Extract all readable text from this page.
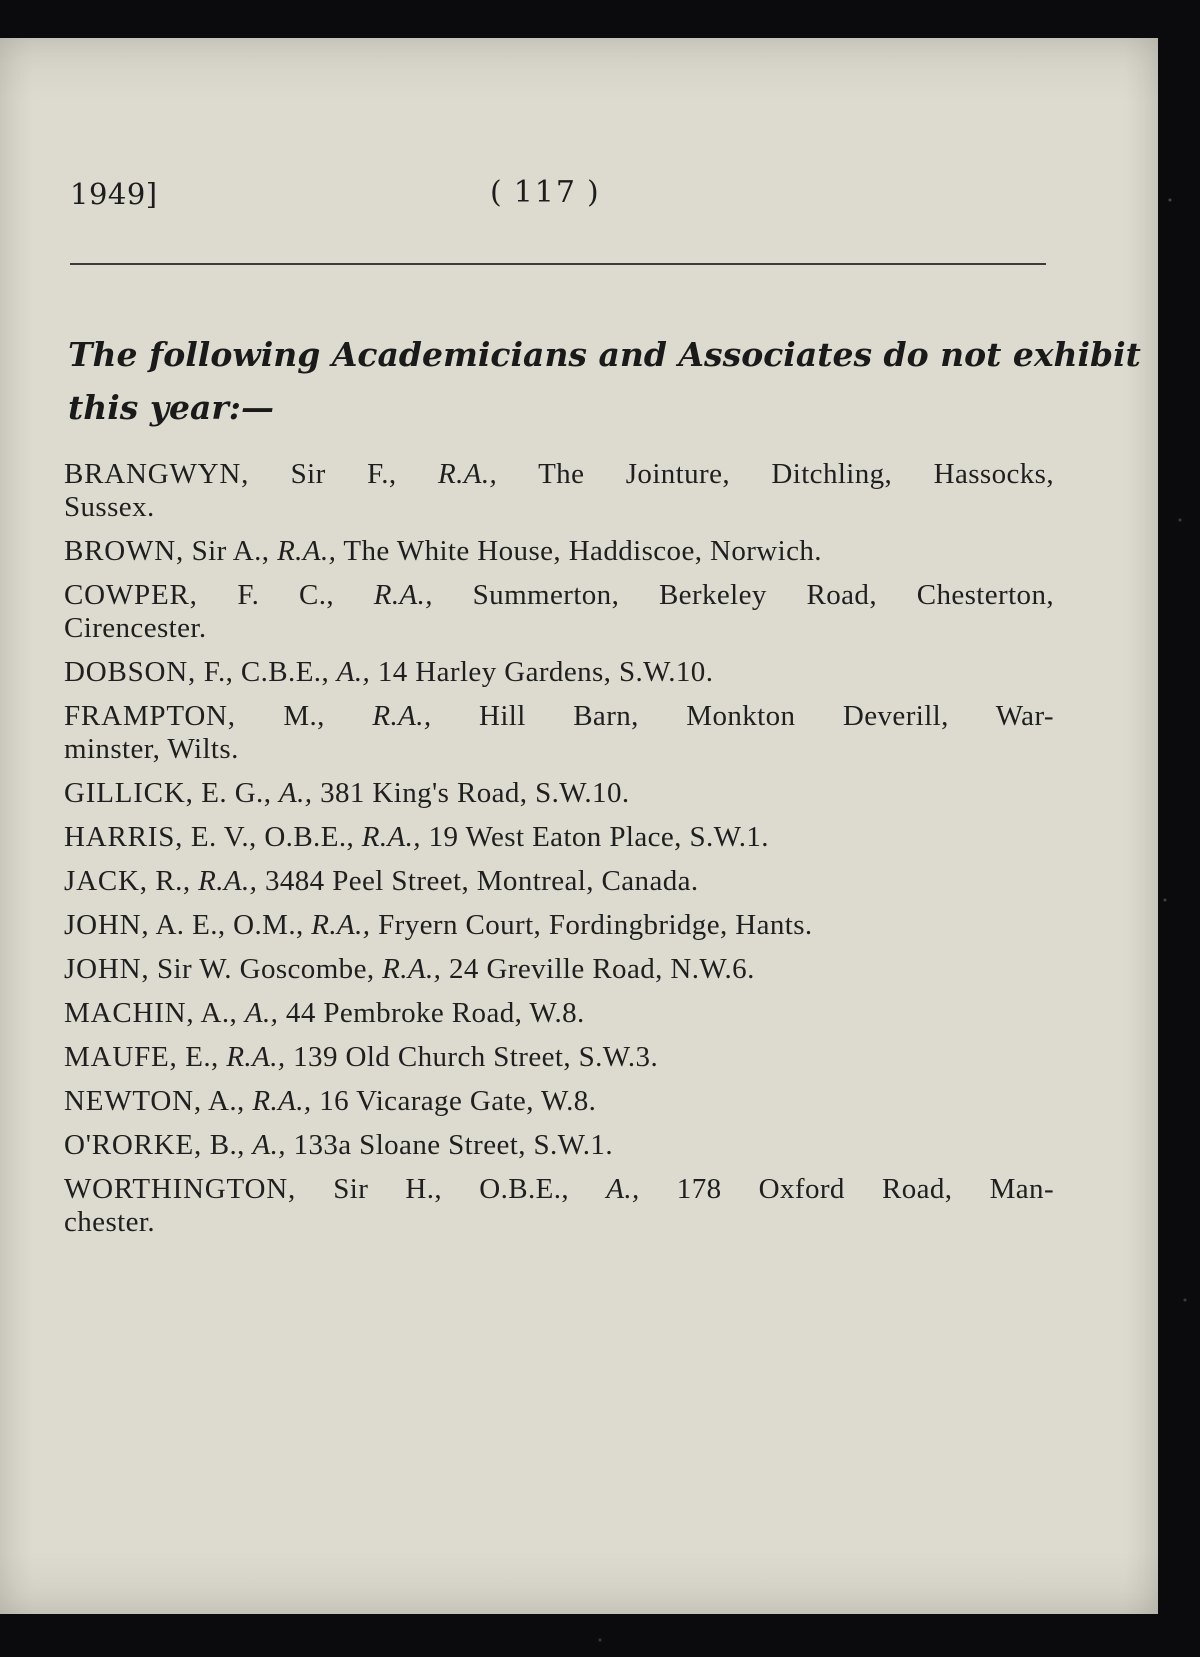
1949]	( 117 )
The following Academicians and Associates do not exhibit
this year:—
BRANGWYN, Sir F., R.A., The Jointure, Ditchling, Hassocks,
Sussex.
BROWN, Sir A., R.A., The White House, Haddiscoe, Norwich.
COWPER, F. C., R.A., Summerton, Berkeley Road, Chesterton,
Cirencester.
DOBSON, F., C.B.E., A., 14 Harley Gardens, S.W.10.
FRAMPTON, M., R.A., Hill Barn, Monkton Deverill, War-
minster, Wilts.
GILLICK, E. G., A., 381 King's Road, S.W.10.
HARRIS, E. V., O.B.E., R.A., 19 West Eaton Place, S.W.1.
JACK, R., R.A., 3484 Peel Street, Montreal, Canada.
JOHN, A. E., O.M., R.A., Fryern Court, Fordingbridge, Hants.
JOHN, Sir W. Goscombe, R.A., 24 Greville Road, N.W.6.
MACHIN, A., A., 44 Pembroke Road, W.8.
MAUFE, E., R.A., 139 Old Church Street, S.W.3.
NEWTON, A., R.A., 16 Vicarage Gate, W.8.
O'RORKE, B., A., 133a Sloane Street, S.W.1.
WORTHINGTON, Sir H., O.B.E., A., 178 Oxford Road, Man-
chester.
